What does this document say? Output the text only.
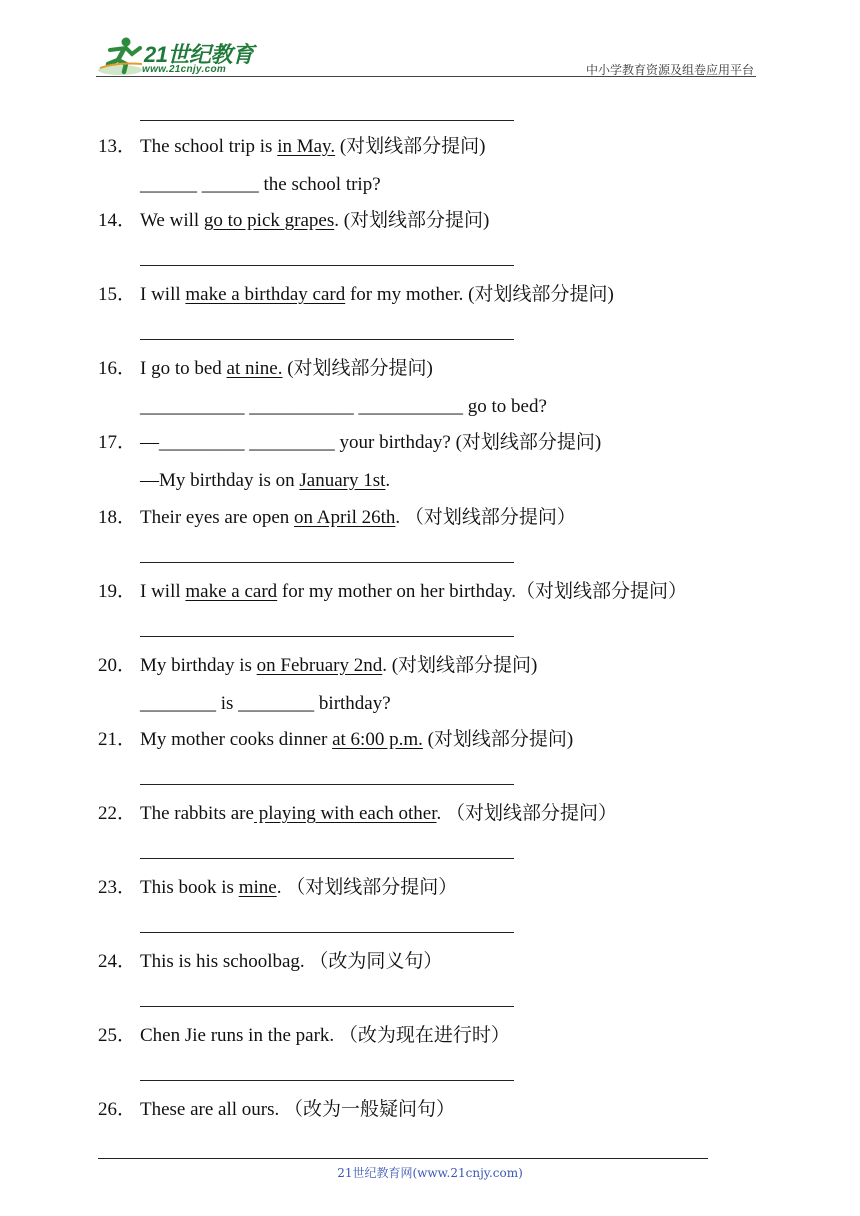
21世纪教育
www.21cnjy.com	中小学教育资源及组卷应用平台
13． The school trip is in May. (对划线部分提问)
______ ______ the school trip?
14． We will go to pick grapes. (对划线部分提问)
15． I will make a birthday card for my mother. (对划线部分提问)
16． I go to bed at nine. (对划线部分提问)
___________ ___________ ___________ go to bed?
17． —_________ _________ your birthday? (对划线部分提问)
—My birthday is on January 1st.
18． Their eyes are open on April 26th. （对划线部分提问）
19． I will make a card for my mother on her birthday.（对划线部分提问）
20． My birthday is on February 2nd. (对划线部分提问)
________ is ________ birthday?
21． My mother cooks dinner at 6:00 p.m. (对划线部分提问)
22． The rabbits are playing with each other. （对划线部分提问）
23． This book is mine. （对划线部分提问）
24． This is his schoolbag. （改为同义句）
25． Chen Jie runs in the park. （改为现在进行时）
26． These are all ours. （改为一般疑问句）
21世纪教育网(www.21cnjy.com)
